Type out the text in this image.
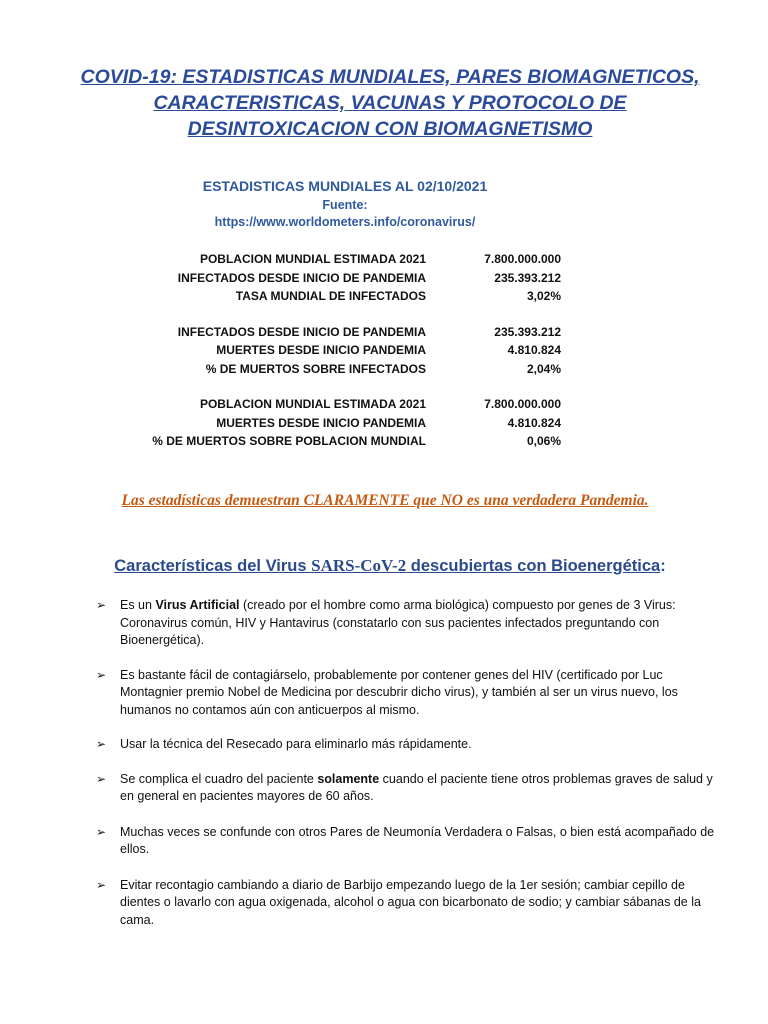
COVID-19: ESTADISTICAS MUNDIALES, PARES BIOMAGNETICOS, CARACTERISTICAS, VACUNAS Y PROTOCOLO DE DESINTOXICACION CON BIOMAGNETISMO
ESTADISTICAS MUNDIALES AL 02/10/2021
Fuente:
https://www.worldometers.info/coronavirus/
POBLACION MUNDIAL ESTIMADA 2021	7.800.000.000
INFECTADOS DESDE INICIO DE PANDEMIA	235.393.212
TASA MUNDIAL DE INFECTADOS	3,02%
INFECTADOS DESDE INICIO DE PANDEMIA	235.393.212
MUERTES DESDE INICIO PANDEMIA	4.810.824
% DE MUERTOS SOBRE INFECTADOS	2,04%
POBLACION MUNDIAL ESTIMADA 2021	7.800.000.000
MUERTES DESDE INICIO PANDEMIA	4.810.824
% DE MUERTOS SOBRE POBLACION MUNDIAL	0,06%

Las estadísticas demuestran CLARAMENTE que NO es una verdadera Pandemia.

Características del Virus SARS-CoV-2 descubiertas con Bioenergética:
➢ Es un Virus Artificial (creado por el hombre como arma biológica) compuesto por genes de 3 Virus: Coronavirus común, HIV y Hantavirus (constatarlo con sus pacientes infectados preguntando con Bioenergética).
➢ Es bastante fácil de contagiárselo, probablemente por contener genes del HIV (certificado por Luc Montagnier premio Nobel de Medicina por descubrir dicho virus), y también al ser un virus nuevo, los humanos no contamos aún con anticuerpos al mismo.
➢ Usar la técnica del Resecado para eliminarlo más rápidamente.
➢ Se complica el cuadro del paciente solamente cuando el paciente tiene otros problemas graves de salud y en general en pacientes mayores de 60 años.
➢ Muchas veces se confunde con otros Pares de Neumonía Verdadera o Falsas, o bien está acompañado de ellos.
➢ Evitar recontagio cambiando a diario de Barbijo empezando luego de la 1er sesión; cambiar cepillo de dientes o lavarlo con agua oxigenada, alcohol o agua con bicarbonato de sodio; y cambiar sábanas de la cama.
